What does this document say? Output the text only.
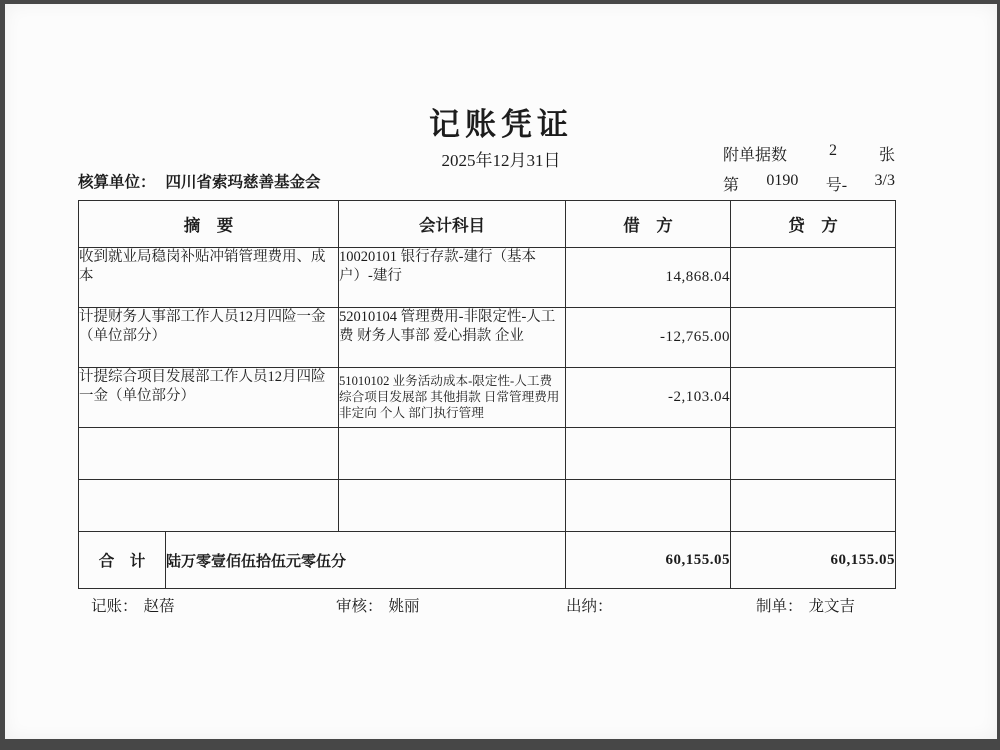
记账凭证
2025年12月31日	附单据数	2	张
第 0190 号- 3/3
核算单位： 四川省索玛慈善基金会
摘　要		会计科目	借　方	贷　方
收到就业局稳岗补贴冲销管理费用、成本		10020101 银行存款-建行（基本户）-建行	14,868.04	
计提财务人事部工作人员12月四险一金（单位部分）		52010104 管理费用-非限定性-人工费 财务人事部 爱心捐款 企业	-12,765.00	
计提综合项目发展部工作人员12月四险一金（单位部分）		51010102 业务活动成本-限定性-人工费 综合项目发展部 其他捐款 日常管理费用 非定向 个人 部门执行管理	-2,103.04	

合　计	陆万零壹佰伍拾伍元零伍分		60,155.05	60,155.05
记账： 赵蓓	审核： 姚丽	出纳：	制单： 龙文吉
